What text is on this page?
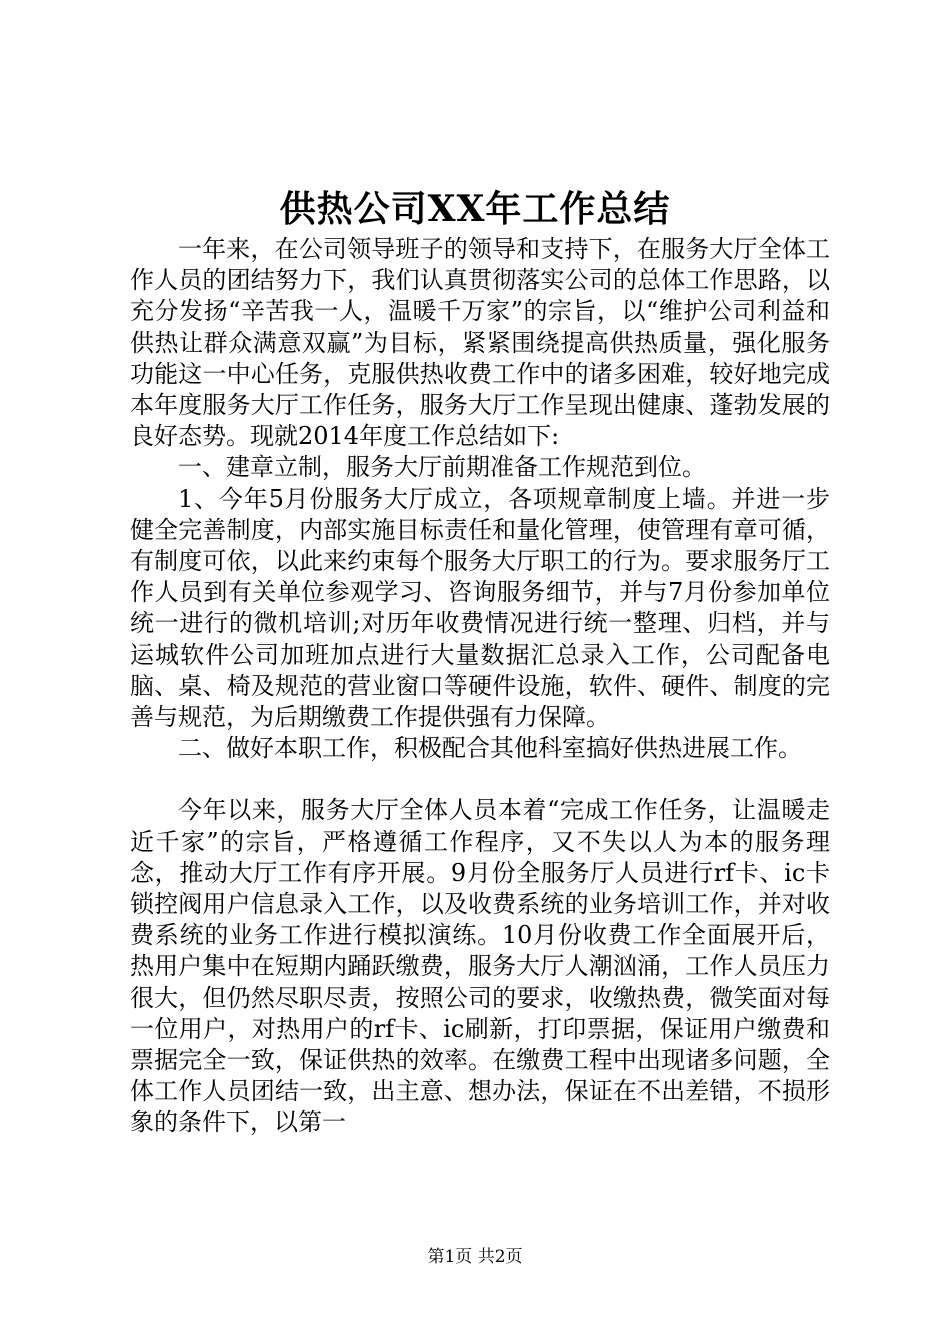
供热公司XX年工作总结

一年来，在公司领导班子的领导和支持下，在服务大厅全体工作人员的团结努力下，我们认真贯彻落实公司的总体工作思路，以充分发扬“辛苦我一人，温暖千万家”的宗旨，以“维护公司利益和供热让群众满意双赢”为目标，紧紧围绕提高供热质量，强化服务功能这一中心任务，克服供热收费工作中的诸多困难，较好地完成本年度服务大厅工作任务，服务大厅工作呈现出健康、蓬勃发展的良好态势。现就2014年度工作总结如下:

一、建章立制，服务大厅前期准备工作规范到位。

1、今年5月份服务大厅成立，各项规章制度上墙。并进一步健全完善制度，内部实施目标责任和量化管理，使管理有章可循，有制度可依，以此来约束每个服务大厅职工的行为。要求服务厅工作人员到有关单位参观学习、咨询服务细节，并与7月份参加单位统一进行的微机培训;对历年收费情况进行统一整理、归档，并与运城软件公司加班加点进行大量数据汇总录入工作，公司配备电脑、桌、椅及规范的营业窗口等硬件设施，软件、硬件、制度的完善与规范，为后期缴费工作提供强有力保障。

二、做好本职工作，积极配合其他科室搞好供热进展工作。

今年以来，服务大厅全体人员本着“完成工作任务，让温暖走近千家”的宗旨，严格遵循工作程序，又不失以人为本的服务理念，推动大厅工作有序开展。9月份全服务厅人员进行rf卡、ic卡锁控阀用户信息录入工作，以及收费系统的业务培训工作，并对收费系统的业务工作进行模拟演练。10月份收费工作全面展开后，热用户集中在短期内踊跃缴费，服务大厅人潮汹涌，工作人员压力很大，但仍然尽职尽责，按照公司的要求，收缴热费，微笑面对每一位用户，对热用户的rf卡、ic刷新，打印票据，保证用户缴费和票据完全一致，保证供热的效率。在缴费工程中出现诸多问题，全体工作人员团结一致，出主意、想办法，保证在不出差错，不损形象的条件下，以第一

第1页 共2页
